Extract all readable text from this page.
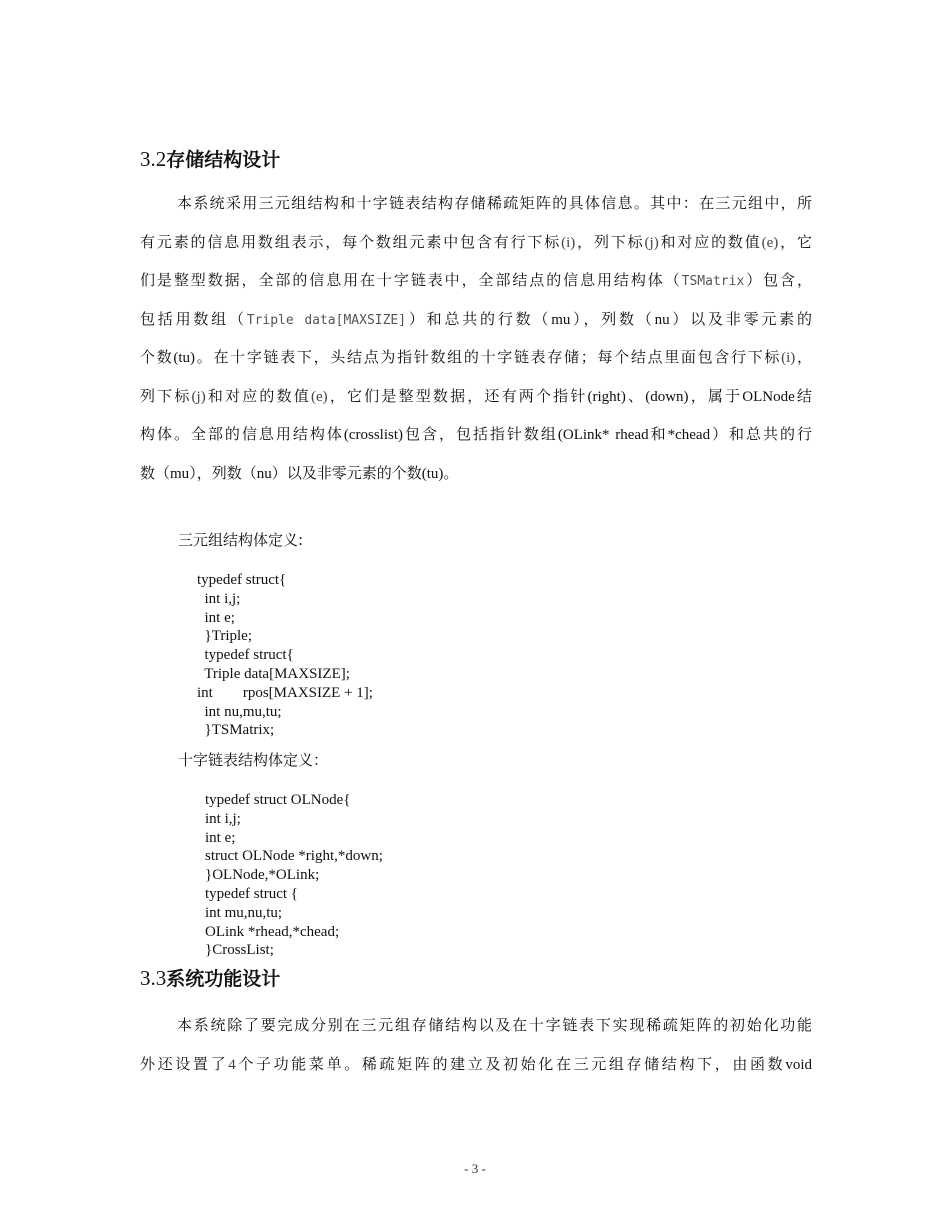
3.2存储结构设计
本系统采用三元组结构和十字链表结构存储稀疏矩阵的具体信息。其中：在三元组中，所
有元素的信息用数组表示，每个数组元素中包含有行下标(i)，列下标(j)和对应的数值(e)，它
们是整型数据，全部的信息用在十字链表中，全部结点的信息用结构体（TSMatrix）包含，
包括用数组（Triple data[MAXSIZE]）和总共的行数（mu），列数（nu）以及非零元素的
个数(tu)。在十字链表下，头结点为指针数组的十字链表存储；每个结点里面包含行下标(i)，
列下标(j)和对应的数值(e)，它们是整型数据，还有两个指针(right)、(down)，属于OLNode结
构体。全部的信息用结构体(crosslist)包含，包括指针数组(OLink* rhead和*chead）和总共的行
数（mu），列数（nu）以及非零元素的个数(tu)。
三元组结构体定义:
typedef struct{
int i,j;
int e;
}Triple;
typedef struct{
Triple data[MAXSIZE];
int        rpos[MAXSIZE + 1];
int nu,mu,tu;
}TSMatrix;
十字链表结构体定义：
typedef struct OLNode{
int i,j;
int e;
struct OLNode *right,*down;
}OLNode,*OLink;
typedef struct {
int mu,nu,tu;
OLink *rhead,*chead;
}CrossList;
3.3系统功能设计
本系统除了要完成分别在三元组存储结构以及在十字链表下实现稀疏矩阵的初始化功能
外还设置了4个子功能菜单。稀疏矩阵的建立及初始化在三元组存储结构下，由函数void
- 3 -
